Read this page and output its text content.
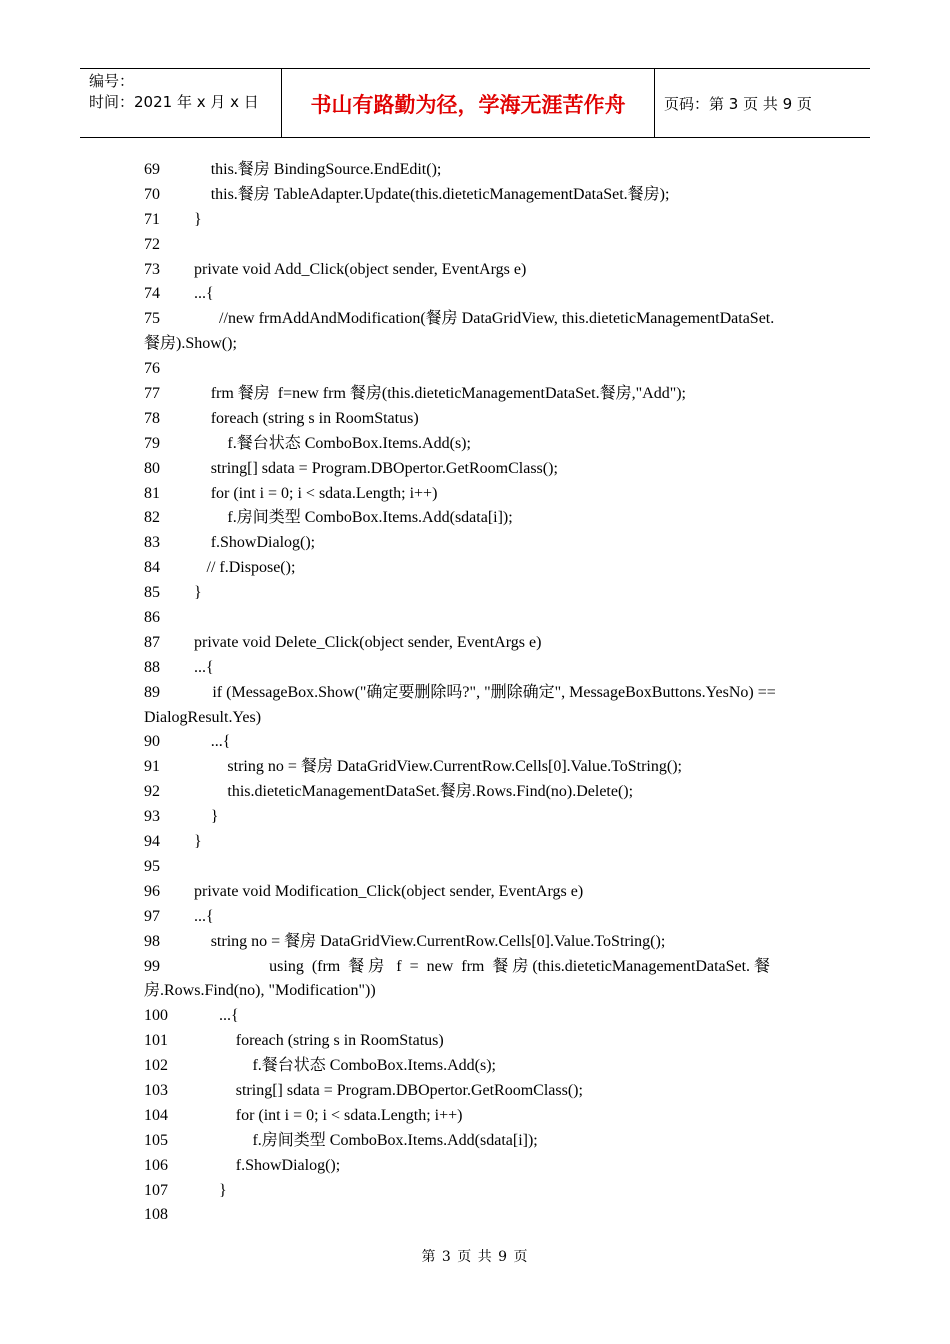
编号：
时间：2021 年 x 月 x 日	书山有路勤为径，学海无涯苦作舟	页码：第 3 页 共 9 页
69	this.餐房 BindingSource.EndEdit();
70	this.餐房 TableAdapter.Update(this.dieteticManagementDataSet.餐房);
71 }
72
73 private void Add_Click(object sender, EventArgs e)
74 ...{
75	//new frmAddAndModification(餐房 DataGridView, this.dieteticManagementDataSet.
餐房).Show();
76
77	frm 餐房  f=new frm 餐房(this.dieteticManagementDataSet.餐房,"Add");
78	foreach (string s in RoomStatus)
79	f.餐台状态 ComboBox.Items.Add(s);
80	string[] sdata = Program.DBOpertor.GetRoomClass();
81	for (int i = 0; i < sdata.Length; i++)
82	f.房间类型 ComboBox.Items.Add(sdata[i]);
83	f.ShowDialog();
84	// f.Dispose();
85 }
86
87 private void Delete_Click(object sender, EventArgs e)
88 ...{
89	if (MessageBox.Show("确定要删除吗?", "删除确定", MessageBoxButtons.YesNo) ==
DialogResult.Yes)
90	...{
91	string no = 餐房 DataGridView.CurrentRow.Cells[0].Value.ToString();
92	this.dieteticManagementDataSet.餐房.Rows.Find(no).Delete();
93	}
94 }
95
96 private void Modification_Click(object sender, EventArgs e)
97 ...{
98	string no = 餐房 DataGridView.CurrentRow.Cells[0].Value.ToString();
99	using  (frm  餐 房   f  =  new  frm  餐 房 (this.dieteticManagementDataSet. 餐
房.Rows.Find(no), "Modification"))
100	...{
101	foreach (string s in RoomStatus)
102	f.餐台状态 ComboBox.Items.Add(s);
103	string[] sdata = Program.DBOpertor.GetRoomClass();
104	for (int i = 0; i < sdata.Length; i++)
105	f.房间类型 ComboBox.Items.Add(sdata[i]);
106	f.ShowDialog();
107	}
108
第 3 页 共 9 页
